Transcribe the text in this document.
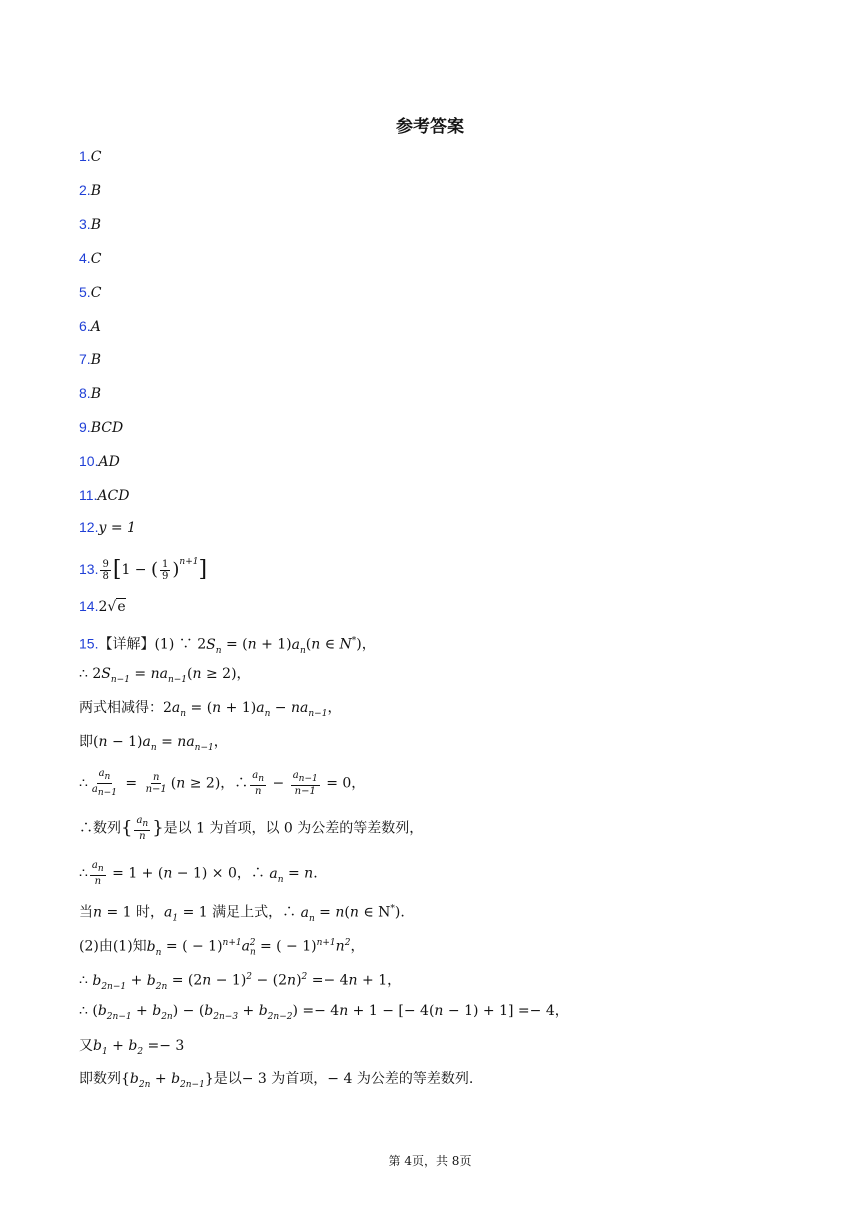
参考答案
1.C
2.B
3.B
4.C
5.C
6.A
7.B
8.B
9.BCD
10.AD
11.ACD
12.y = 1
13. $\frac{9}{8} [1$ − ( $\frac{1}{9} )^{n+1}$]
14.2√e
15.【详解】(1) ∵ $2S_n = (n + 1)a_n(n$ ∈ N*)，
∴ $2S_{n-1} = na_{n-1}(n \ge 2)$，
两式相减得：$2a_n = (n + 1)a_n - na_{n-1}$，
即$(n - 1)a_n = na_{n-1}$，
∴ $\frac{a_n}{a_{n-1}} = \frac{n}{n-1} (n \ge 2)$，∴ $\frac{a_n}{n} - \frac{a_{n-1}}{n-1} = 0$，
∴数列{ $\frac{a_n}{n}$ }是以 1 为首项，以 0 为公差的等差数列，
∴ $\frac{a_n}{n} = 1 + (n - 1) \times 0$，∴ $a_n = n$.
当n = 1 时，$a_1 = 1$ 满足上式，∴ $a_n = n(n$ ∈ N*).
(2)由(1)知$b_n$ = ( − $1)^{n+1}a_n^2$ = ( − $1)^{n+1}n^2$，
∴ $b_{2n-1} + b_{2n} = (2n - 1)^2 - (2n)^2 =- 4n + 1$，
∴ $(b_{2n-1} + b_{2n}) - (b_{2n-3} + b_{2n-2}) =- 4n + 1$ − [− 4(n − 1) + 1] =− 4，
又$b_1 + b_2 =- 3$
即数列$\{b_{2n} + b_{2n-1}\}$是以− 3 为首项，− 4 为公差的等差数列.
第 4页，共 8页
